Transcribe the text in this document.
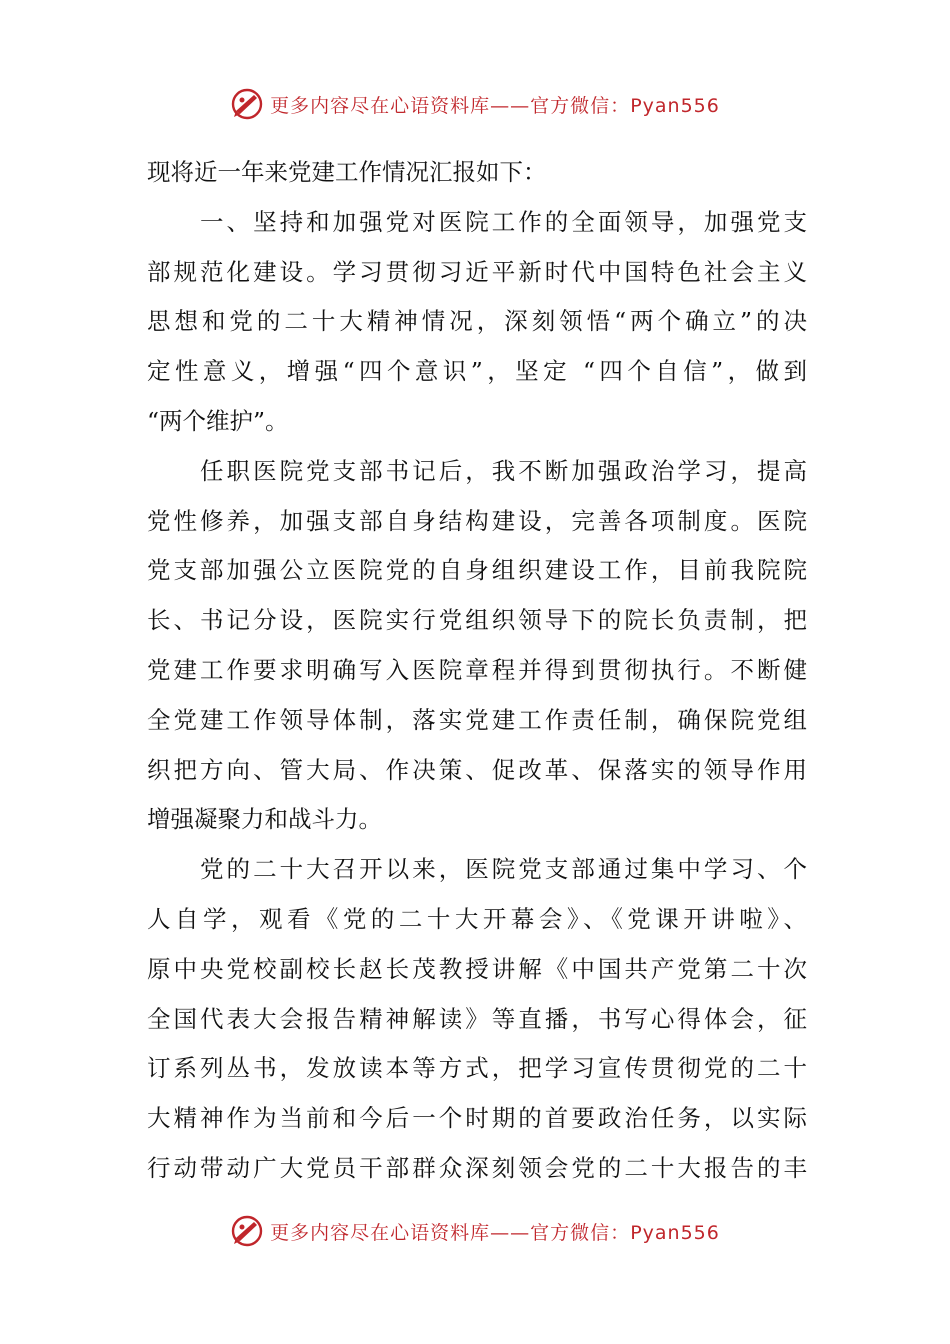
更多内容尽在心语资料库——官方微信：Pyan556
现将近一年来党建工作情况汇报如下：
　　一、坚持和加强党对医院工作的全面领导，加强党支
部规范化建设。学习贯彻习近平新时代中国特色社会主义
思想和党的二十大精神情况，深刻领悟“两个确立”的决
定性意义，增强“四个意识”，坚定 “四个自信”，做到
“两个维护”。
　　任职医院党支部书记后，我不断加强政治学习，提高
党性修养，加强支部自身结构建设，完善各项制度。医院
党支部加强公立医院党的自身组织建设工作，目前我院院
长、书记分设，医院实行党组织领导下的院长负责制，把
党建工作要求明确写入医院章程并得到贯彻执行。不断健
全党建工作领导体制，落实党建工作责任制，确保院党组
织把方向、管大局、作决策、促改革、保落实的领导作用
增强凝聚力和战斗力。
　　党的二十大召开以来，医院党支部通过集中学习、个
人自学，观看《党的二十大开幕会》、《党课开讲啦》、
原中央党校副校长赵长茂教授讲解《中国共产党第二十次
全国代表大会报告精神解读》等直播，书写心得体会，征
订系列丛书，发放读本等方式，把学习宣传贯彻党的二十
大精神作为当前和今后一个时期的首要政治任务，以实际
行动带动广大党员干部群众深刻领会党的二十大报告的丰
更多内容尽在心语资料库——官方微信：Pyan556
